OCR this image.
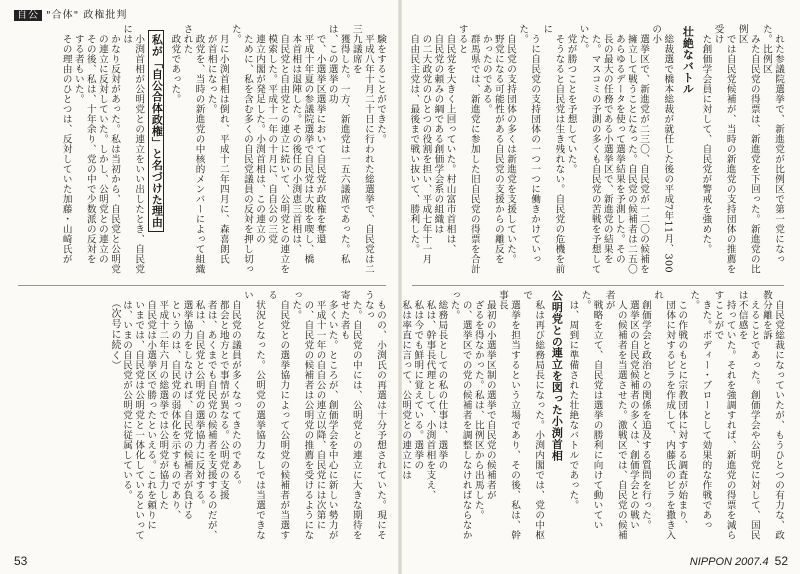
自公 "合体" 政権批判

験をすることができた。

平成八年十月二十日に行われた総選挙で、自民党は二三九議席を

獲得した。一方、新進党は一五六議席であった。私は、この選挙の功

で、小選挙区選挙において自民党が政権を奪還

平成十年夏の参議院選挙で自民党は大敗を喫し、橋

本首相は退陣した。その後任の小渕恵三首相は、

自民党と自由党との連立に続いて、公明党との連立を

模索した。平成十一年の十月に、自自公の三党

連立内閣が発足した。小渕首相は、この連立の

ために、私を含む多くの自民党議員の反対を押し切った。

月に小渕首相は倒れ、平成十二年四月に、森喜朗氏

が首相になった。

政党を、当時の新進党の中核的メンバーによって組織された

政党であった。

私が「自公合体政権」と名づけた理由

小渕首相が公明党との連立をいい出したとき、自民党には

かなり反対があった。私は当初から、自民党と公明党

の連立に反対していた。しかし、公明党との連立の

その後、私は、十年余り、党の中で少数派の反対を

する者もいた。

その理由のひとつは、反対していた加藤・山崎氏が

ものの、小渕氏の再選は十分予想されていた。現にそうなっ

た。自民党の中には、公明党との連立に大きな期待を寄せた者も

多くいた。ところが、創価学会を中心に新しい勢力が

平成十一年の自自公の連立以降、自民党には次第に

の、自民党の候補者は公明党の推薦を受けるようになった。

自民党との選挙協力によって公明党の候補者が当選する

状況となった。公明党の選挙協力なしでは当選できない

自民党の議員が多くなってきたのである。

都会と地方とで事情が異なる。公明党の支援

者は、あくまでも自民党の候補者を支援するのだが、

私は、自民党と公明党の選挙協力に反対する。

選挙協力をしなければ、自民党の候補者が負ける

というのは、自民党の弱体化を示すものであり、

平成十二年六月の総選挙では公明党が協力した

自民党は小選挙区で勝ったといえる。これを頼りに

いまでは、自民党は公明党と一体化しているといって

は、いまの自民党が公明党に従属している。

（次号に続く）
53

れた参議院選挙で、新進党が比例区で第一党になった。比例区

みた自民党の得票は、新進党を下回った。新進党の比例区

では自民党候補が、当時の新進党の支持団体の推薦を受け

た創価学会員に対して、自民党が警戒を強めた。

壮絶なバトル

総裁選で橋本総裁が就任した後の平成7年11月、300の小

選挙区で、新進党が二三〇、自民党が一二〇の候補を

擁立して戦うことになった。自民党の候補者は二五〇

あらゆるデータを使って選挙結果を予測した。その

長の最大の任務である小選挙区で、新進党の結果を

た。マスコミの予測の多くも自民党の苦戦を予想していた。

党が勝つことを予想していた。

そうなると自民党は生き残れない。自民党の危機を前に

うに自民党の支持団体の一つ一つに働きかけていった。

自民党の支持団体の多くは新進党を支援していた。

野党になる可能性がある自民党の支援からの離反を

かったのである。

群馬県では、新進党に参加した旧自民党の得票を合計すると

自民党を大きく上回っていた。村山富市首相は、

自民党の頼みの綱である創価学会系の組織は

の二大政党のひとつの役割を担い、平成七年十一月

自由民主党は、最後まで戦い抜いて、勝利した。

自民党総裁になっていたが、もうひとつの有力な、政教分離を訴

えることであった。創価学会や公明党に対して、国民は不信感を

持っていた。それを強調すれば、新進党の得票を減らすことがで

きた。ボディー・ブローとして効果的な作戦であった。

この作戦のもとに宗教団体に対する調査が始まり、

団体に対するビラを作成して、内藤氏のビラを撒き入れ

創価学会と政治との関係を追及する質問を行った。

選挙区の自民党候補者の多くは、創価学会との戦い

人の候補者を当選させた。激戦区では、自民党の候補者が

戦略を立て、自民党は選挙の勝利に向けて動いていた。

は、周到に準備された壮絶なバトルであった。

公明党との連立を図った小渕首相

私は再び総務局長になった。小渕内閣では、党の中枢で

選挙を担当するという立場であり、その後、私は、幹事長

最初の小選挙区制の選挙で自民党の候補者が

ざるを得なかった。私は、比例区から出馬した。

の、選挙区での党の候補者を調整しなければならなかった。

総務局長としての私の仕事は、選挙の

私は、幹事長代理として、小渕首相を支え、

私は今でも鮮明に覚えている。選挙の

私は率直に言って、公明党との連立には

NIPPON 2007.4 52
